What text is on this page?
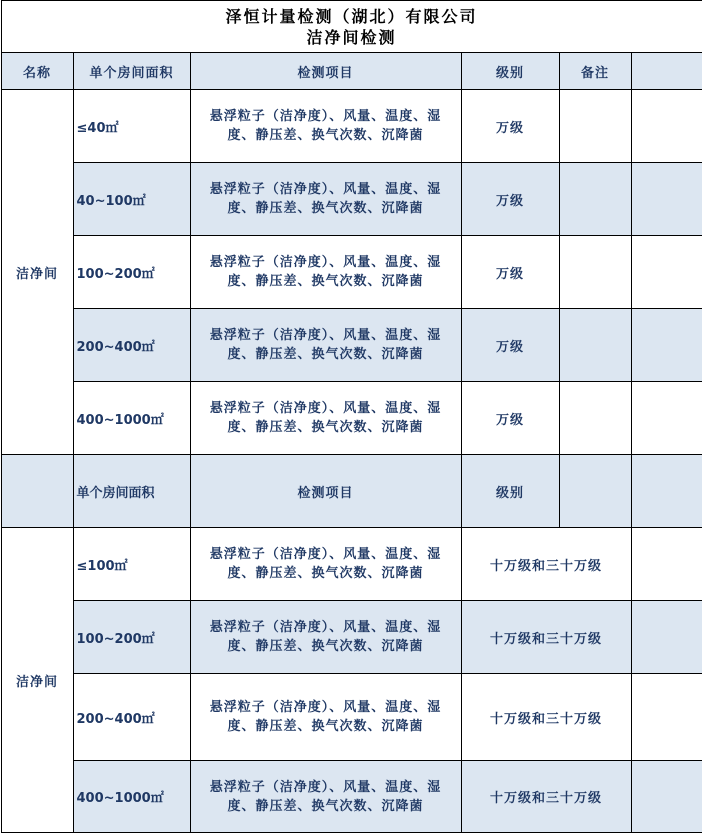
泽恒计量检测（湖北）有限公司
洁净间检测					

名称	单个房间面积	检测项目	级别	备注	
洁净间	≤40㎡	悬浮粒子（洁净度）、风量、温度、湿度、静压差、换气次数、沉降菌	万级		
	40~100㎡	悬浮粒子（洁净度）、风量、温度、湿度、静压差、换气次数、沉降菌	万级		
	100~200㎡	悬浮粒子（洁净度）、风量、温度、湿度、静压差、换气次数、沉降菌	万级		
	200~400㎡	悬浮粒子（洁净度）、风量、温度、湿度、静压差、换气次数、沉降菌	万级		
	400~1000㎡	悬浮粒子（洁净度）、风量、温度、湿度、静压差、换气次数、沉降菌	万级		
	单个房间面积	检测项目	级别		
洁净间	≤100㎡	悬浮粒子（洁净度）、风量、温度、湿度、静压差、换气次数、沉降菌	十万级和三十万级		
	100~200㎡	悬浮粒子（洁净度）、风量、温度、湿度、静压差、换气次数、沉降菌	十万级和三十万级		
	200~400㎡	悬浮粒子（洁净度）、风量、温度、湿度、静压差、换气次数、沉降菌	十万级和三十万级		
	400~1000㎡	悬浮粒子（洁净度）、风量、温度、湿度、静压差、换气次数、沉降菌	十万级和三十万级		
